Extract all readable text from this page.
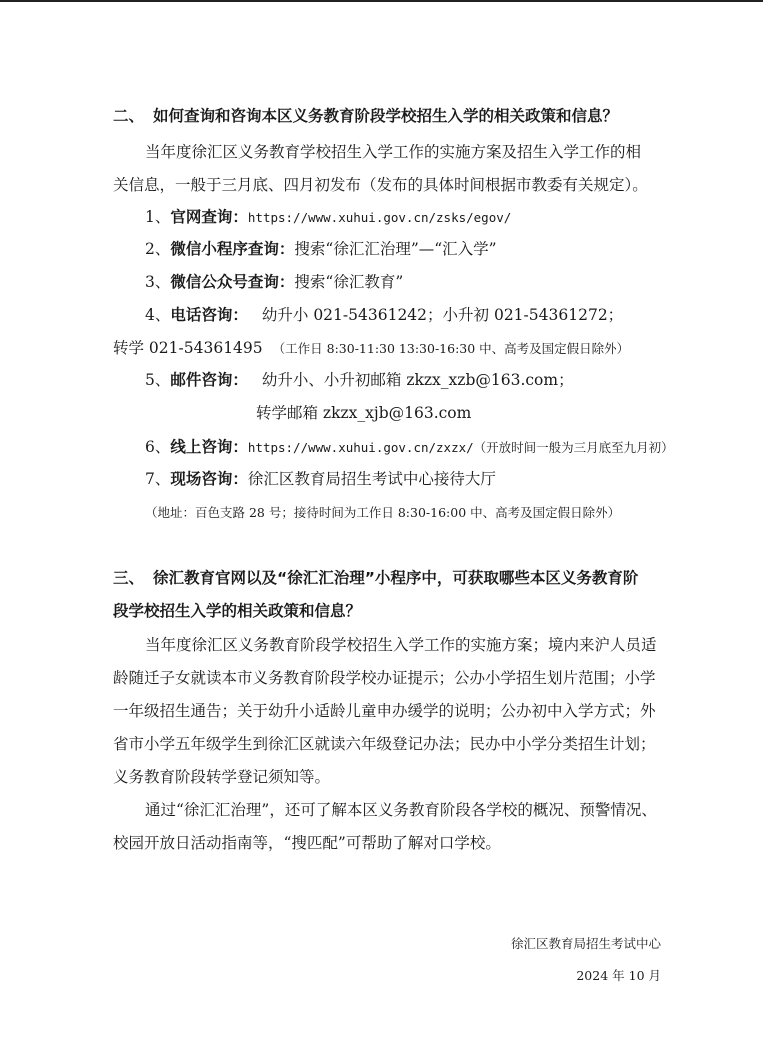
二、 如何查询和咨询本区义务教育阶段学校招生入学的相关政策和信息？
当年度徐汇区义务教育学校招生入学工作的实施方案及招生入学工作的相
关信息，一般于三月底、四月初发布（发布的具体时间根据市教委有关规定）。
1、官网查询：https://www.xuhui.gov.cn/zsks/egov/
2、微信小程序查询：搜索“徐汇汇治理”—“汇入学”
3、微信公众号查询：搜索“徐汇教育”
4、电话咨询： 幼升小 021-54361242；小升初 021-54361272；
转学 021-54361495 （工作日 8:30-11:30 13:30-16:30 中、高考及国定假日除外）
5、邮件咨询： 幼升小、小升初邮箱 zkzx_xzb@163.com；
转学邮箱 zkzx_xjb@163.com
6、线上咨询：https://www.xuhui.gov.cn/zxzx/（开放时间一般为三月底至九月初）
7、现场咨询：徐汇区教育局招生考试中心接待大厅
（地址：百色支路 28 号；接待时间为工作日 8:30-16:00 中、高考及国定假日除外）
三、 徐汇教育官网以及“徐汇汇治理”小程序中，可获取哪些本区义务教育阶
段学校招生入学的相关政策和信息？
当年度徐汇区义务教育阶段学校招生入学工作的实施方案；境内来沪人员适
龄随迁子女就读本市义务教育阶段学校办证提示；公办小学招生划片范围；小学
一年级招生通告；关于幼升小适龄儿童申办缓学的说明；公办初中入学方式；外
省市小学五年级学生到徐汇区就读六年级登记办法；民办中小学分类招生计划；
义务教育阶段转学登记须知等。
通过“徐汇汇治理”，还可了解本区义务教育阶段各学校的概况、预警情况、
校园开放日活动指南等，“搜匹配”可帮助了解对口学校。
徐汇区教育局招生考试中心
2024 年 10 月
